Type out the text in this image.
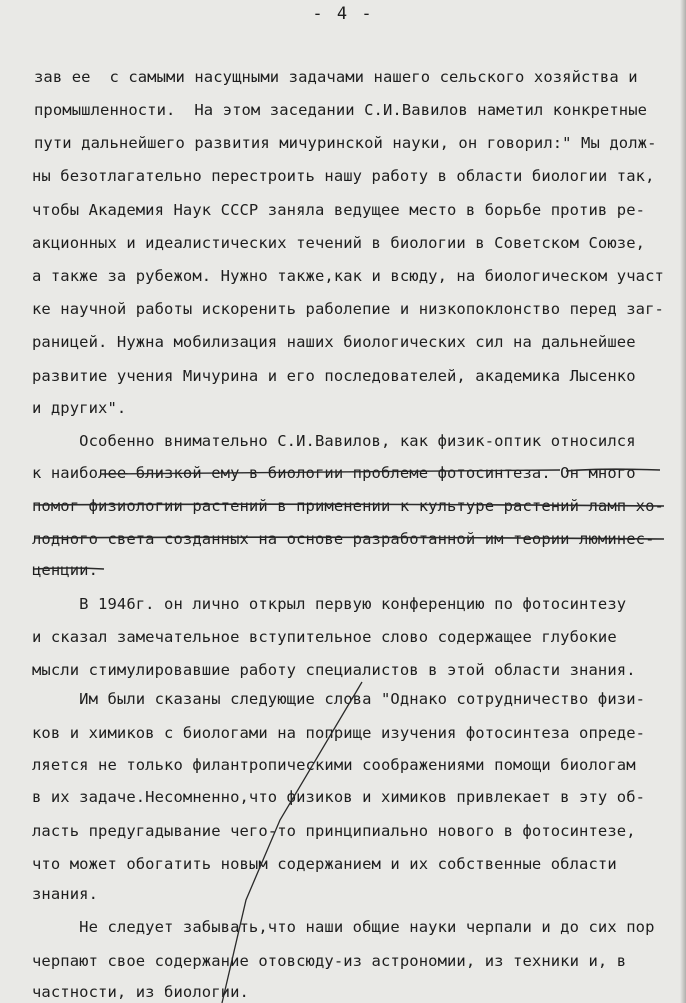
- 4 -
зав ее  с самыми насущными задачами нашего сельского хозяйства и
промышленности.  На этом заседании С.И.Вавилов наметил конкретные
пути дальнейшего развития мичуринской науки, он говорил:" Мы долж-
ны безотлагательно перестроить нашу работу в области биологии так,
чтобы Академия Наук СССР заняла ведущее место в борьбе против ре-
акционных и идеалистических течений в биологии в Советском Союзе,
а также за рубежом. Нужно также,как и всюду, на биологическом участ
ке научной работы искоренить раболепие и низкопоклонство перед заг-
раницей. Нужна мобилизация наших биологических сил на дальнейшее
развитие учения Мичурина и его последователей, академика Лысенко
и других".
Особенно внимательно С.И.Вавилов, как физик-оптик относился
к наиболее близкой ему в биологии проблеме фотосинтеза. Он много
помог физиологии растений в применении к культуре растений ламп хо-
лодного света созданных на основе разработанной им теории люминес-
ценции.
В 1946г. он лично открыл первую конференцию по фотосинтезу
и сказал замечательное вступительное слово содержащее глубокие
мысли стимулировавшие работу специалистов в этой области знания.
Им были сказаны следующие слова "Однако сотрудничество физи-
ков и химиков с биологами на поприще изучения фотосинтеза опреде-
ляется не только филантропическими соображениями помощи биологам
в их задаче.Несомненно,что физиков и химиков привлекает в эту об-
ласть предугадывание чего-то принципиально нового в фотосинтезе,
что может обогатить новым содержанием и их собственные области
знания.
Не следует забывать,что наши общие науки черпали и до сих пор
черпают свое содержание отовсюду-из астрономии, из техники и, в
частности, из биологии.
